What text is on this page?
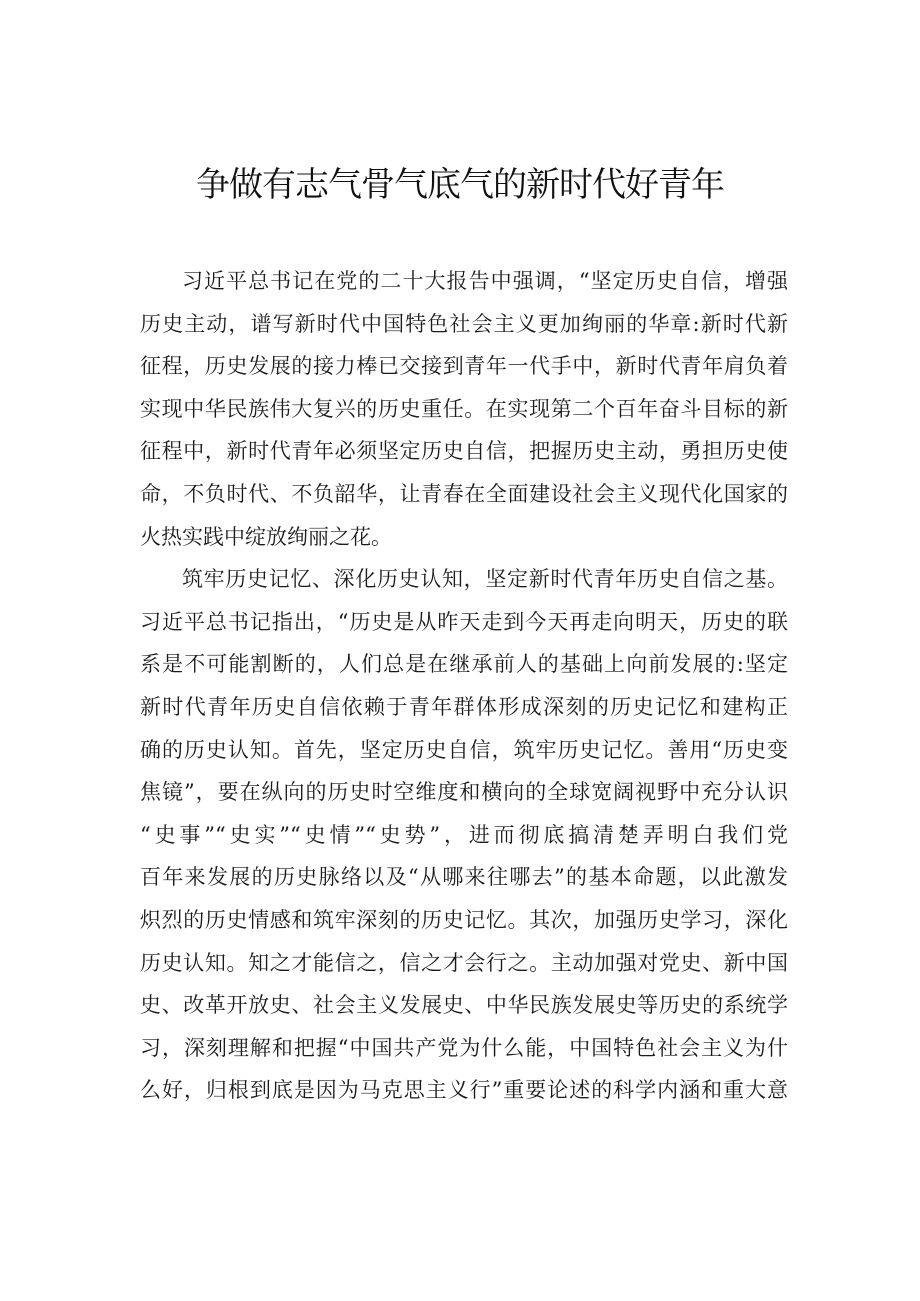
争做有志气骨气底气的新时代好青年
习近平总书记在党的二十大报告中强调，“坚定历史自信，增强
历史主动，谱写新时代中国特色社会主义更加绚丽的华章:新时代新
征程，历史发展的接力棒已交接到青年一代手中，新时代青年肩负着
实现中华民族伟大复兴的历史重任。在实现第二个百年奋斗目标的新
征程中，新时代青年必须坚定历史自信，把握历史主动，勇担历史使
命，不负时代、不负韶华，让青春在全面建设社会主义现代化国家的
火热实践中绽放绚丽之花。
筑牢历史记忆、深化历史认知，坚定新时代青年历史自信之基。
习近平总书记指出，“历史是从昨天走到今天再走向明天，历史的联
系是不可能割断的，人们总是在继承前人的基础上向前发展的:坚定
新时代青年历史自信依赖于青年群体形成深刻的历史记忆和建构正
确的历史认知。首先，坚定历史自信，筑牢历史记忆。善用“历史变
焦镜”，要在纵向的历史时空维度和横向的全球宽阔视野中充分认识
“史事”“史实”“史情”“史势”，进而彻底搞清楚弄明白我们党
百年来发展的历史脉络以及“从哪来往哪去”的基本命题，以此激发
炽烈的历史情感和筑牢深刻的历史记忆。其次，加强历史学习，深化
历史认知。知之才能信之，信之才会行之。主动加强对党史、新中国
史、改革开放史、社会主义发展史、中华民族发展史等历史的系统学
习，深刻理解和把握“中国共产党为什么能，中国特色社会主义为什
么好，归根到底是因为马克思主义行”重要论述的科学内涵和重大意
